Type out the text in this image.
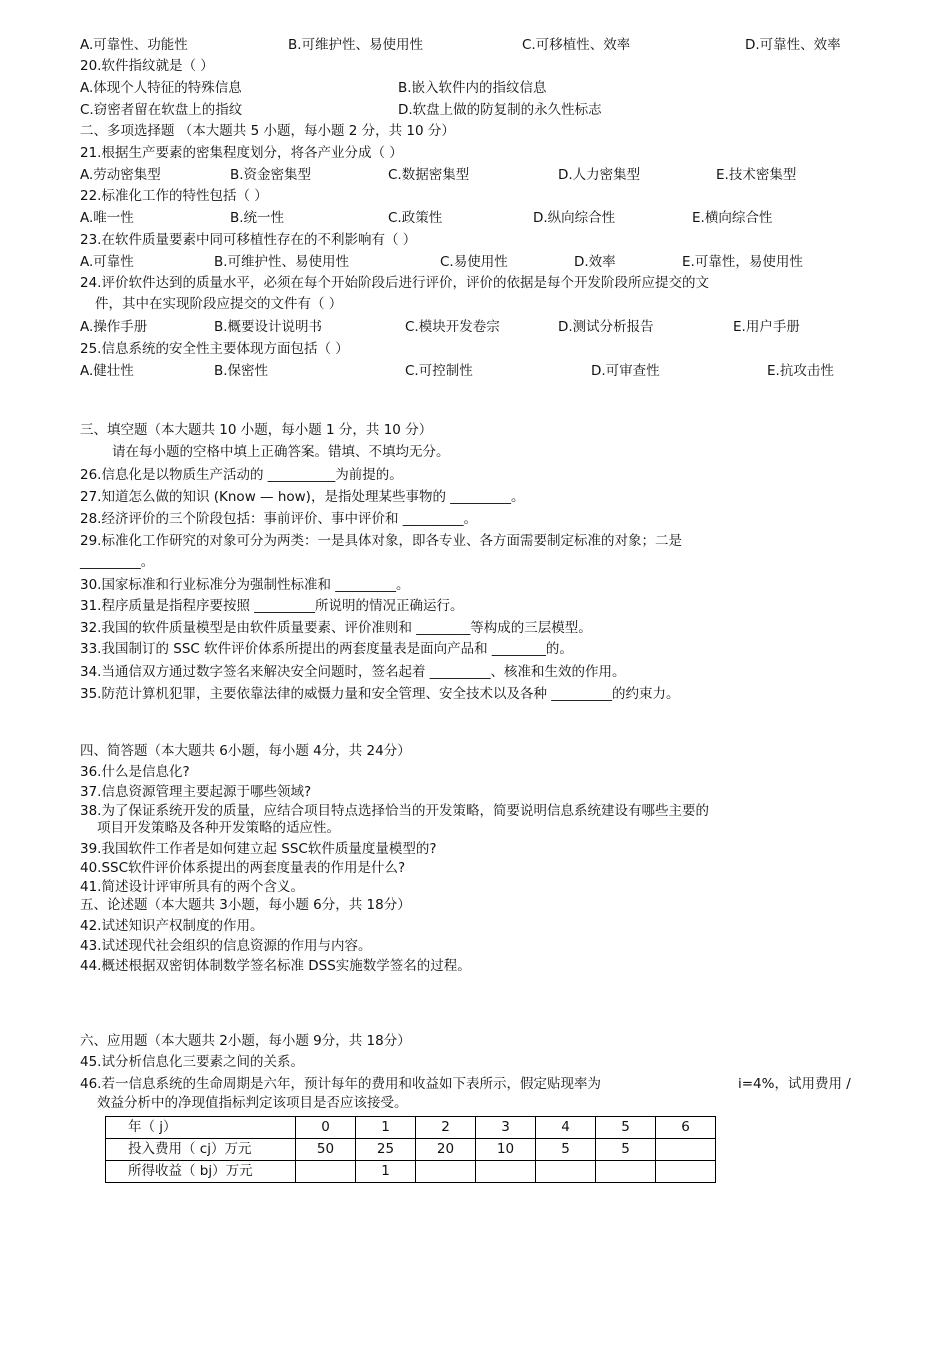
A.可靠性、功能性	B.可维护性、易使用性	C.可移植性、效率	D.可靠性、效率
20.软件指纹就是（ ）
A.体现个人特征的特殊信息	B.嵌入软件内的指纹信息
C.窃密者留在软盘上的指纹	D.软盘上做的防复制的永久性标志
二、多项选择题 （本大题共 5 小题，每小题 2 分，共 10 分）
21.根据生产要素的密集程度划分，将各产业分成（ ）
A.劳动密集型	B.资金密集型	C.数据密集型	D.人力密集型	E.技术密集型
22.标准化工作的特性包括（ ）
A.唯一性	B.统一性	C.政策性	D.纵向综合性	E.横向综合性
23.在软件质量要素中同可移植性存在的不利影响有（ ）
A.可靠性	B.可维护性、易使用性	C.易使用性	D.效率	E.可靠性，易使用性
24.评价软件达到的质量水平，必须在每个开始阶段后进行评价，评价的依据是每个开发阶段所应提交的文
件，其中在实现阶段应提交的文件有（ ）
A.操作手册	B.概要设计说明书	C.模块开发卷宗	D.测试分析报告	E.用户手册
25.信息系统的安全性主要体现方面包括（ ）
A.健壮性	B.保密性	C.可控制性	D.可审查性	E.抗攻击性
三、填空题（本大题共 10 小题，每小题 1 分，共 10 分）
请在每小题的空格中填上正确答案。错填、不填均无分。
26.信息化是以物质生产活动的 __________为前提的。
27.知道怎么做的知识 (Know — how)，是指处理某些事物的 _________。
28.经济评价的三个阶段包括：事前评价、事中评价和 _________。
29.标准化工作研究的对象可分为两类：一是具体对象，即各专业、各方面需要制定标准的对象；二是
_________。
30.国家标准和行业标准分为强制性标准和 _________。
31.程序质量是指程序要按照 _________所说明的情况正确运行。
32.我国的软件质量模型是由软件质量要素、评价准则和 ________等构成的三层模型。
33.我国制订的 SSC 软件评价体系所提出的两套度量表是面向产品和 ________的。
34.当通信双方通过数字签名来解决安全问题时，签名起着 _________、核准和生效的作用。
35.防范计算机犯罪，主要依靠法律的威慑力量和安全管理、安全技术以及各种 _________的约束力。
四、简答题（本大题共 6小题，每小题 4分，共 24分）
36.什么是信息化?
37.信息资源管理主要起源于哪些领域?
38.为了保证系统开发的质量，应结合项目特点选择恰当的开发策略，简要说明信息系统建设有哪些主要的
项目开发策略及各种开发策略的适应性。
39.我国软件工作者是如何建立起 SSC软件质量度量模型的?
40.SSC软件评价体系提出的两套度量表的作用是什么?
41.简述设计评审所具有的两个含义。
五、论述题（本大题共 3小题，每小题 6分，共 18分）
42.试述知识产权制度的作用。
43.试述现代社会组织的信息资源的作用与内容。
44.概述根据双密钥体制数学签名标准 DSS实施数学签名的过程。
六、应用题（本大题共 2小题，每小题 9分，共 18分）
45.试分析信息化三要素之间的关系。
46.若一信息系统的生命周期是六年，预计每年的费用和收益如下表所示，假定贴现率为	i=4%，试用费用 /
效益分析中的净现值指标判定该项目是否应该接受。
年（ j）	0	1	2	3	4	5	6
投入费用（ cj）万元	50	25	20	10	5	5	
所得收益（ bj）万元		1					
